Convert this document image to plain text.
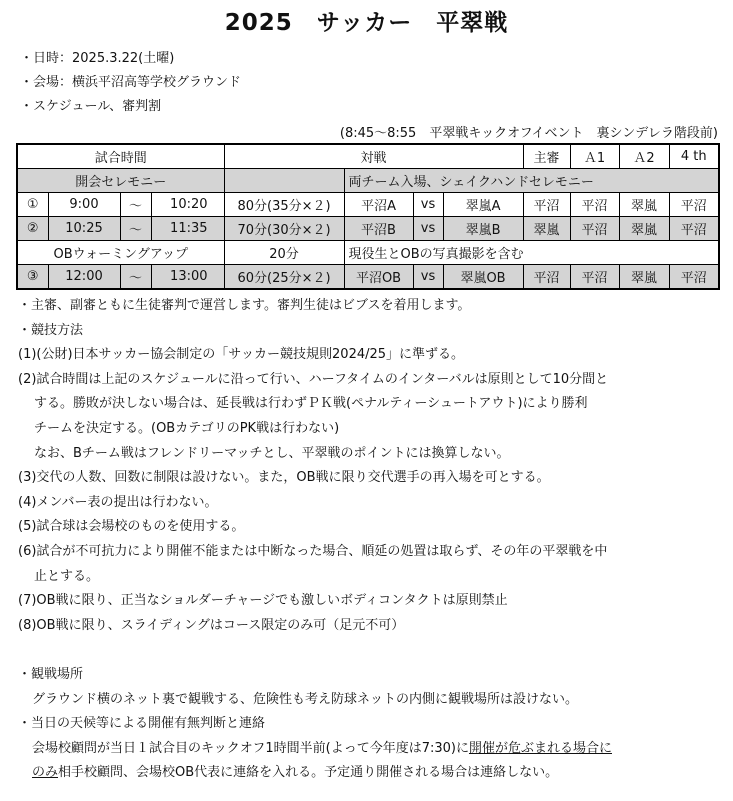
2025　サッカー　平翠戦
・日時：2025.3.22(土曜)
・会場：横浜平沼高等学校グラウンド
・スケジュール、審判割
(8:45～8:55　平翠戦キックオフイベント　裏シンデレラ階段前)
試合時間				対戦				主審	Ａ1	Ａ2	4 th
開会セレモニー					両チーム入場、シェイクハンドセレモニー						
①	9:00	～	10:20	80分(35分×２)	平沼A	vs	翠嵐A	平沼	平沼	翠嵐	平沼
②	10:25	～	11:35	70分(30分×２)	平沼B	vs	翠嵐B	翠嵐	平沼	翠嵐	平沼
OBウォーミングアップ				20分	現役生とOBの写真撮影を含む						
③	12:00	～	13:00	60分(25分×２)	平沼OB	vs	翠嵐OB	平沼	平沼	翠嵐	平沼
・主審、副審ともに生徒審判で運営します。審判生徒はビブスを着用します。
・競技方法
(1)(公財)日本サッカー協会制定の「サッカー競技規則2024/25」に準ずる。
(2)試合時間は上記のスケジュールに沿って行い、ハーフタイムのインターバルは原則として10分間と
する。勝敗が決しない場合は、延長戦は行わずＰＫ戦(ペナルティーシュートアウト)により勝利
チームを決定する。(OBカテゴリのPK戦は行わない)
なお、Bチーム戦はフレンドリーマッチとし、平翠戦のポイントには換算しない。
(3)交代の人数、回数に制限は設けない。また，OB戦に限り交代選手の再入場を可とする。
(4)メンバー表の提出は行わない。
(5)試合球は会場校のものを使用する。
(6)試合が不可抗力により開催不能または中断なった場合、順延の処置は取らず、その年の平翠戦を中
止とする。
(7)OB戦に限り、正当なショルダーチャージでも激しいボディコンタクトは原則禁止
(8)OB戦に限り、スライディングはコース限定のみ可（足元不可）
・観戦場所
グラウンド横のネット裏で観戦する、危険性も考え防球ネットの内側に観戦場所は設けない。
・当日の天候等による開催有無判断と連絡
会場校顧問が当日１試合目のキックオフ1時間半前(よって今年度は7:30)に開催が危ぶまれる場合に
のみ相手校顧問、会場校OB代表に連絡を入れる。予定通り開催される場合は連絡しない。
